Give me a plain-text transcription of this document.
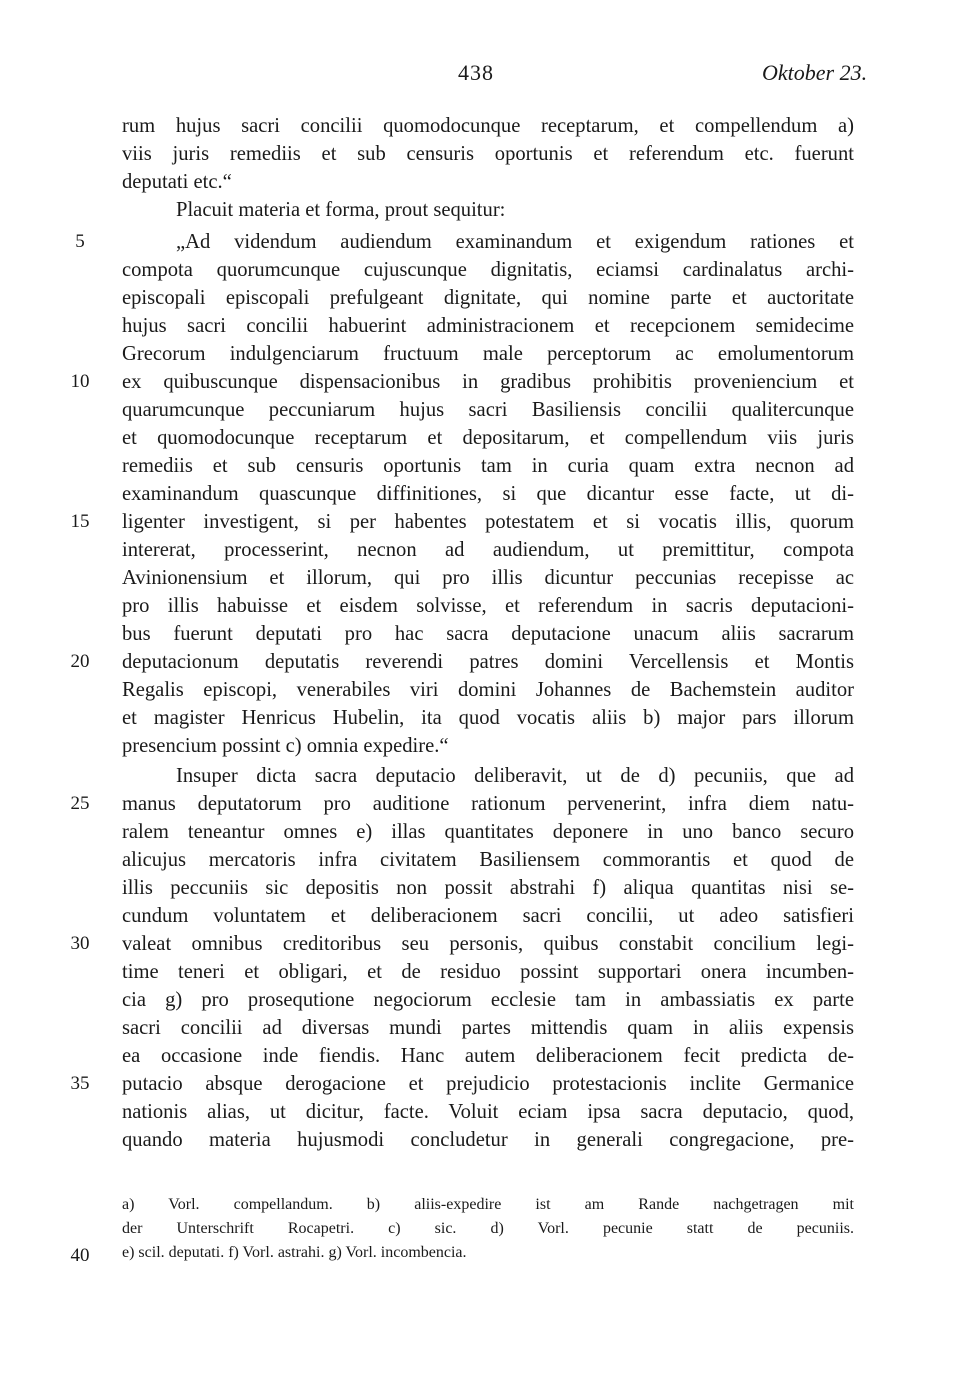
438	Oktober 23.
rum hujus sacri concilii quomodocunque receptarum, et compellendum a)
viis juris remediis et sub censuris oportunis et referendum etc. fuerunt
deputati etc.“
Placuit materia et forma, prout sequitur:
„Ad videndum audiendum examinandum et exigendum rationes et
compota quorumcunque cujuscunque dignitatis, eciamsi cardinalatus archi-
episcopali episcopali prefulgeant dignitate, qui nomine parte et auctoritate
hujus sacri concilii habuerint administracionem et recepcionem semidecime
Grecorum indulgenciarum fructuum male perceptorum ac emolumentorum
ex quibuscunque dispensacionibus in gradibus prohibitis proveniencium et
quarumcunque peccuniarum hujus sacri Basiliensis concilii qualitercunque
et quomodocunque receptarum et depositarum, et compellendum viis juris
remediis et sub censuris oportunis tam in curia quam extra necnon ad
examinandum quascunque diffinitiones, si que dicantur esse facte, ut di-
ligenter investigent, si per habentes potestatem et si vocatis illis, quorum
intererat, processerint, necnon ad audiendum, ut premittitur, compota
Avinionensium et illorum, qui pro illis dicuntur peccunias recepisse ac
pro illis habuisse et eisdem solvisse, et referendum in sacris deputacioni-
bus fuerunt deputati pro hac sacra deputacione unacum aliis sacrarum
deputacionum deputatis reverendi patres domini Vercellensis et Montis
Regalis episcopi, venerabiles viri domini Johannes de Bachemstein auditor
et magister Henricus Hubelin, ita quod vocatis aliis b) major pars illorum
presencium possint c) omnia expedire.“
Insuper dicta sacra deputacio deliberavit, ut de d) pecuniis, que ad
manus deputatorum pro auditione rationum pervenerint, infra diem natu-
ralem teneantur omnes e) illas quantitates deponere in uno banco securo
alicujus mercatoris infra civitatem Basiliensem commorantis et quod de
illis peccuniis sic depositis non possit abstrahi f) aliqua quantitas nisi se-
cundum voluntatem et deliberacionem sacri concilii, ut adeo satisfieri
valeat omnibus creditoribus seu personis, quibus constabit concilium legi-
time teneri et obligari, et de residuo possint supportari onera incumben-
cia g) pro prosequtione negociorum ecclesie tam in ambassiatis ex parte
sacri concilii ad diversas mundi partes mittendis quam in aliis expensis
ea occasione inde fiendis. Hanc autem deliberacionem fecit predicta de-
putacio absque derogacione et prejudicio protestacionis inclite Germanice
nationis alias, ut dicitur, facte. Voluit eciam ipsa sacra deputacio, quod,
quando materia hujusmodi concludetur in generali congregacione, pre-
5
10
15
20
25
30
35
40
a) Vorl. compellandum. b) aliis-expedire ist am Rande nachgetragen mit
der Unterschrift Rocapetri. c) sic. d) Vorl. pecunie statt de pecuniis.
e) scil. deputati. f) Vorl. astrahi. g) Vorl. incombencia.
